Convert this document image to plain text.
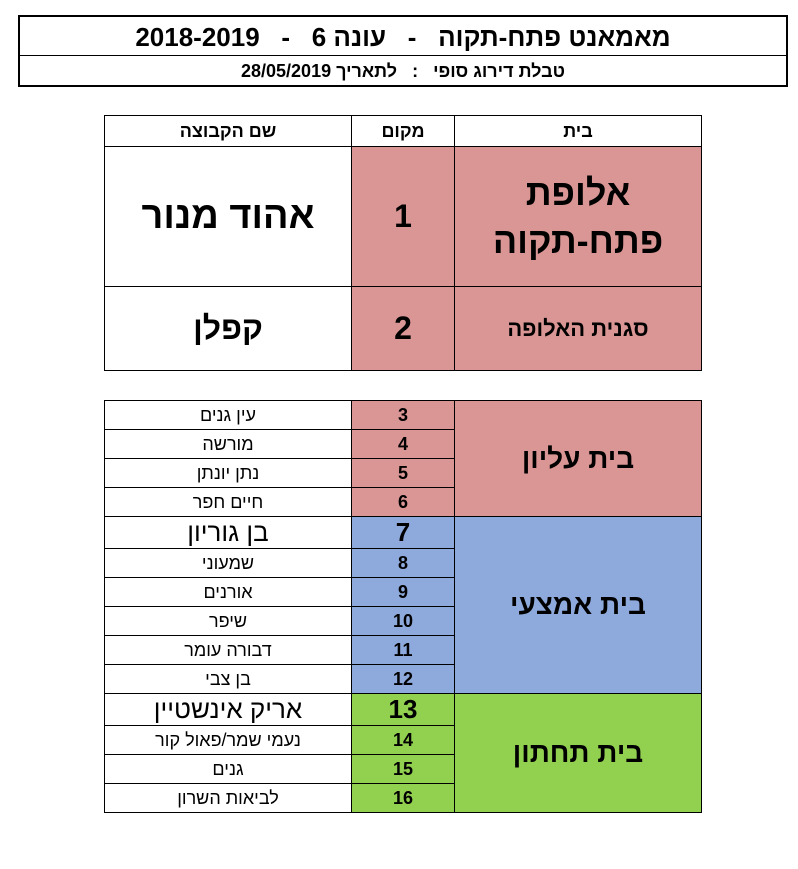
מאמאנט פתח-תקוה   -   עונה 6   -   2018-2019
טבלת דירוג סופי   :   לתאריך 28/05/2019
שם הקבוצה	מקום	בית
אהוד מנור	1	אלופת
פתח-תקוה

קפלן	2	סגנית האלופה
עין גנים	3	בית עליון
מורשה	4	
נתן יונתן	5	
חיים חפר	6	
בן גוריון	7	בית אמצעי
שמעוני	8	
אורנים	9	
שיפר	10	
דבורה עומר	11	
בן צבי	12	
אריק אינשטיין	13	בית תחתון
נעמי שמר/פאול קור	14	
גנים	15	
לביאות השרון	16	
